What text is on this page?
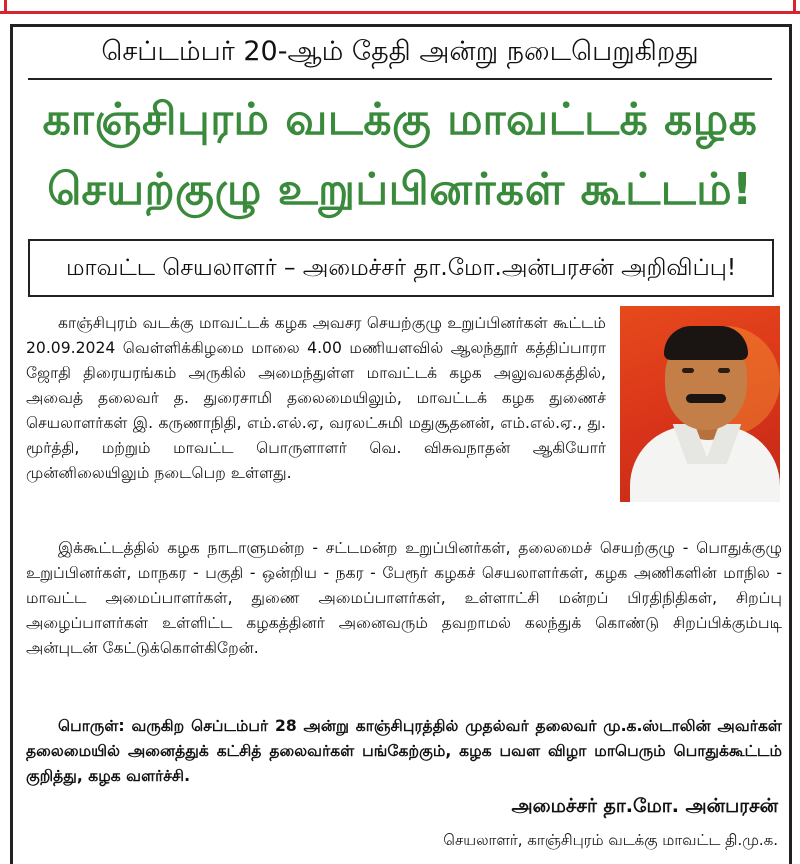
செப்டம்பர் 20-ஆம் தேதி அன்று நடைபெறுகிறது
காஞ்சிபுரம் வடக்கு மாவட்டக் கழக
செயற்குழு உறுப்பினர்கள் கூட்டம்!
மாவட்ட செயலாளர் – அமைச்சர் தா.மோ.அன்பரசன் அறிவிப்பு!
காஞ்சிபுரம் வடக்கு மாவட்டக் கழக அவசர செயற்குழு உறுப்பினர்கள் கூட்டம் 20.09.2024 வெள்ளிக்கிழமை மாலை 4.00 மணியளவில் ஆலந்தூர் கத்திப்பாரா ஜோதி திரையரங்கம் அருகில் அமைந்துள்ள மாவட்டக் கழக அலுவலகத்தில், அவைத் தலைவர் த. துரைசாமி தலைமையிலும், மாவட்டக் கழக துணைச் செயலாளர்கள் இ. கருணாநிதி, எம்.எல்.ஏ, வரலட்சுமி மதுசூதனன், எம்.எல்.ஏ., து. மூர்த்தி, மற்றும் மாவட்ட பொருளாளர் வெ. விசுவநாதன் ஆகியோர் முன்னிலையிலும் நடைபெற உள்ளது.
இக்கூட்டத்தில் கழக நாடாளுமன்ற - சட்டமன்ற உறுப்பினர்கள், தலைமைச் செயற்குழு - பொதுக்குழு உறுப்பினர்கள், மாநகர - பகுதி - ஒன்றிய - நகர - பேரூர் கழகச் செயலாளர்கள், கழக அணிகளின் மாநில - மாவட்ட அமைப்பாளர்கள், துணை அமைப்பாளர்கள், உள்ளாட்சி மன்றப் பிரதிநிதிகள், சிறப்பு அழைப்பாளர்கள் உள்ளிட்ட கழகத்தினர் அனைவரும் தவறாமல் கலந்துக் கொண்டு சிறப்பிக்கும்படி அன்புடன் கேட்டுக்கொள்கிறேன்.
பொருள்: வருகிற செப்டம்பர் 28 அன்று காஞ்சிபுரத்தில் முதல்வர் தலைவர் மு.க.ஸ்டாலின் அவர்கள் தலைமையில் அனைத்துக் கட்சித் தலைவர்கள் பங்கேற்கும், கழக பவள விழா மாபெரும் பொதுக்கூட்டம் குறித்து, கழக வளர்ச்சி.
அமைச்சர் தா.மோ. அன்பரசன்
செயலாளர், காஞ்சிபுரம் வடக்கு மாவட்ட தி.மு.க.
